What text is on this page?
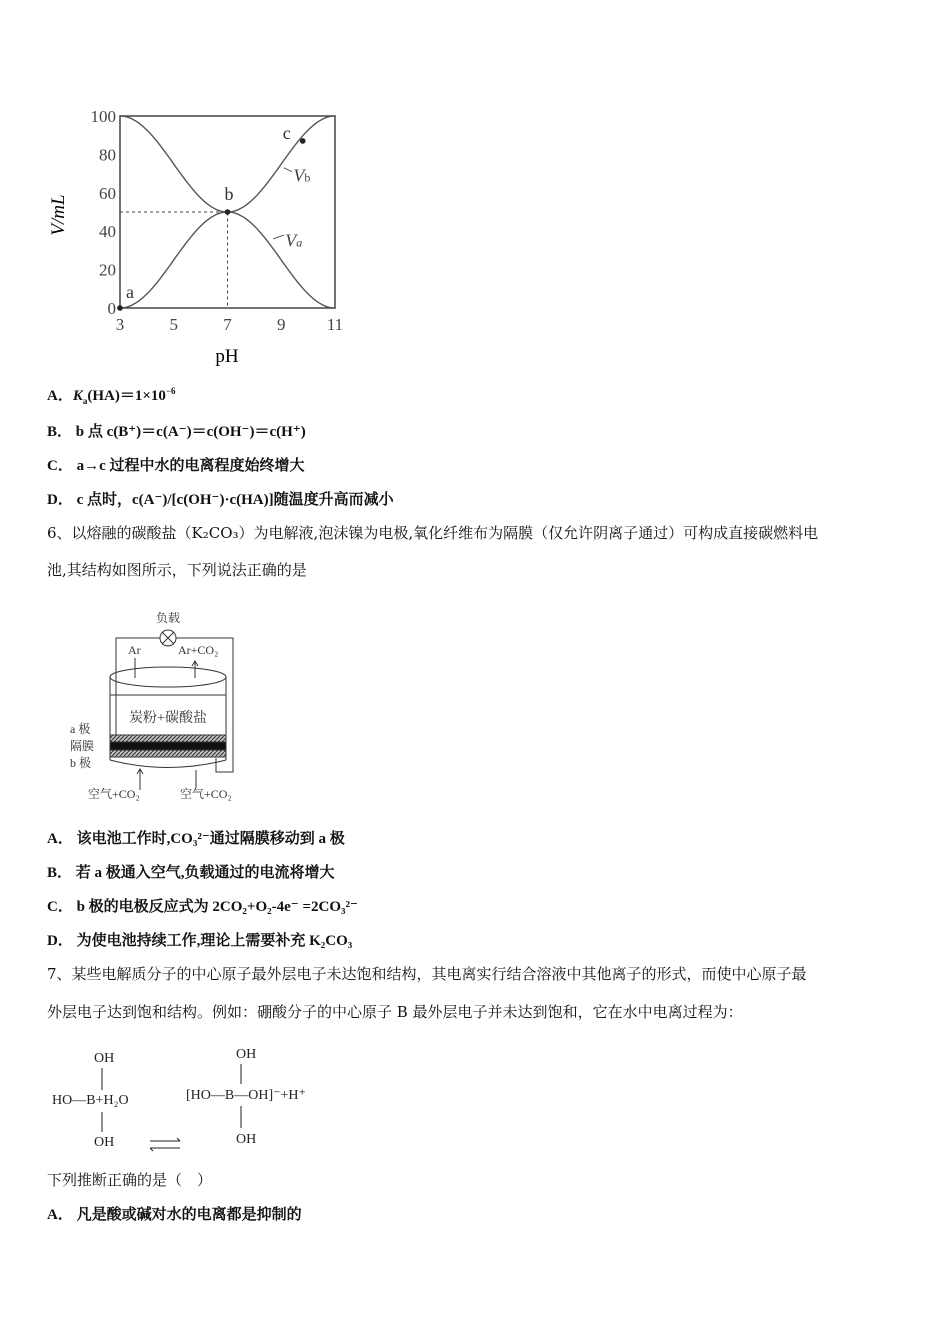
3	5	7	9 11
0
20
40
60
80
100
Vb
Va
a
b
c
V/mL
pH
A．$K_a(HA)=1\times 10^{-6}$
B． b 点 c(B⁺)＝c(A⁻)＝c(OH⁻)＝c(H⁺)
C． a→c 过程中水的电离程度始终增大
D． c 点时，c(A⁻)/[c(OH⁻)·c(HA)]随温度升高而减小
6、以熔融的碳酸盐（K₂CO₃）为电解液,泡沫镍为电极,氧化纤维布为隔膜（仅允许阴离子通过）可构成直接碳燃料电
池,其结构如图所示，下列说法正确的是
负载
Ar	Ar+CO₂
炭粉+碳酸盐
a 极
隔膜
b 极
空气+CO₂	空气+CO₂
A． 该电池工作时,CO₃²⁻通过隔膜移动到 a 极
B． 若 a 极通入空气,负载通过的电流将增大
C． b 极的电极反应式为 2CO₂+O₂-4e⁻ =2CO₃²⁻
D． 为使电池持续工作,理论上需要补充 K₂CO₃
7、某些电解质分子的中心原子最外层电子未达饱和结构，其电离实行结合溶液中其他离子的形式，而使中心原子最
外层电子达到饱和结构。例如：硼酸分子的中心原子 B 最外层电子并未达到饱和，它在水中电离过程为：
OH
HO—B+H₂O
OH
OH
[HO—B—OH]⁻+H⁺
OH
下列推断正确的是（　）
A． 凡是酸或碱对水的电离都是抑制的
